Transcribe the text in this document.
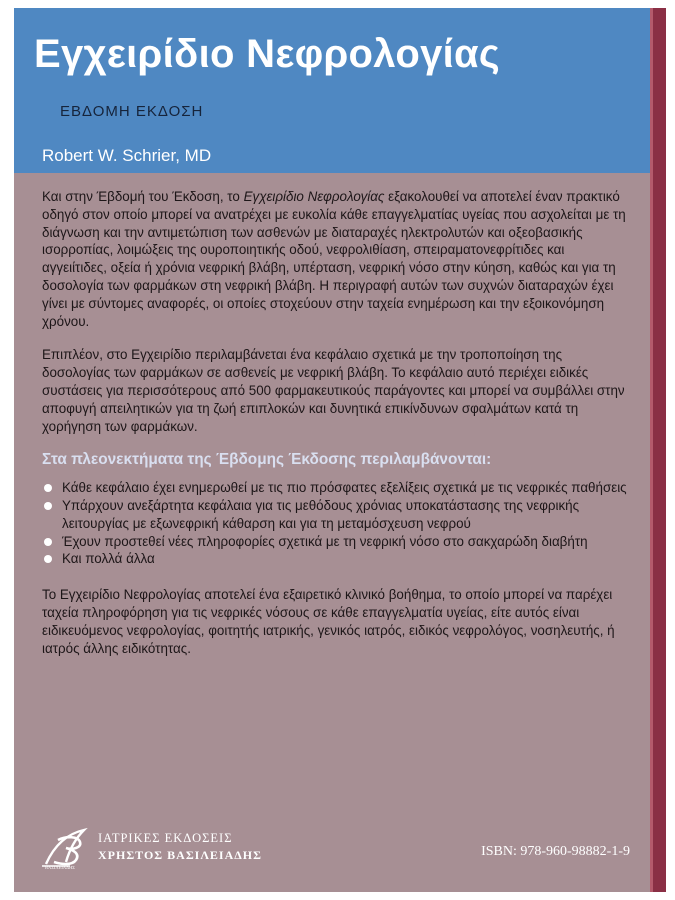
Εγχειρίδιο Νεφρολογίας
ΕΒΔΟΜΗ ΕΚΔΟΣΗ
Robert W. Schrier, MD

Και στην Έβδομή του Έκδοση, το Εγχειρίδιο Νεφρολογίας εξακολουθεί να αποτελεί έναν πρακτικό οδηγό στον οποίο μπορεί να ανατρέχει με ευκολία κάθε επαγγελματίας υγείας που ασχολείται με τη διάγνωση και την αντιμετώπιση των ασθενών με διαταραχές ηλεκτρολυτών και οξεοβασικής ισορροπίας, λοιμώξεις της ουροποιητικής οδού, νεφρολιθίαση, σπειραματονεφρίτιδες και αγγειίτιδες, οξεία ή χρόνια νεφρική βλάβη, υπέρταση, νεφρική νόσο στην κύηση, καθώς και για τη δοσολογία των φαρμάκων στη νεφρική βλάβη. Η περιγραφή αυτών των συχνών διαταραχών έχει γίνει με σύντομες αναφορές, οι οποίες στοχεύουν στην ταχεία ενημέρωση και την εξοικονόμηση χρόνου.

Επιπλέον, στο Εγχειρίδιο περιλαμβάνεται ένα κεφάλαιο σχετικά με την τροποποίηση της δοσολογίας των φαρμάκων σε ασθενείς με νεφρική βλάβη. Το κεφάλαιο αυτό περιέχει ειδικές συστάσεις για περισσότερους από 500 φαρμακευτικούς παράγοντες και μπορεί να συμβάλλει στην αποφυγή απειλητικών για τη ζωή επιπλοκών και δυνητικά επικίνδυνων σφαλμάτων κατά τη χορήγηση των φαρμάκων.

Στα πλεονεκτήματα της Έβδομης Έκδοσης περιλαμβάνονται:
Κάθε κεφάλαιο έχει ενημερωθεί με τις πιο πρόσφατες εξελίξεις σχετικά με τις νεφρικές παθήσεις
Υπάρχουν ανεξάρτητα κεφάλαια για τις μεθόδους χρόνιας υποκατάστασης της νεφρικής λειτουργίας με εξωνεφρική κάθαρση και για τη μεταμόσχευση νεφρού
Έχουν προστεθεί νέες πληροφορίες σχετικά με τη νεφρική νόσο στο σακχαρώδη διαβήτη
Και πολλά άλλα

Το Εγχειρίδιο Νεφρολογίας αποτελεί ένα εξαιρετικό κλινικό βοήθημα, το οποίο μπορεί να παρέχει ταχεία πληροφόρηση για τις νεφρικές νόσους σε κάθε επαγγελματία υγείας, είτε αυτός είναι ειδικευόμενος νεφρολογίας, φοιτητής ιατρικής, γενικός ιατρός, ειδικός νεφρολόγος, νοσηλευτής, ή ιατρός άλλης ειδικότητας.

ΒΑΣΙΛΕΙΑΔΗΣ
ΙΑΤΡΙΚΕΣ ΕΚΔΟΣΕΙΣ
ΧΡΗΣΤΟΣ ΒΑΣΙΛΕΙΑΔΗΣ	ISBN: 978-960-98882-1-9
